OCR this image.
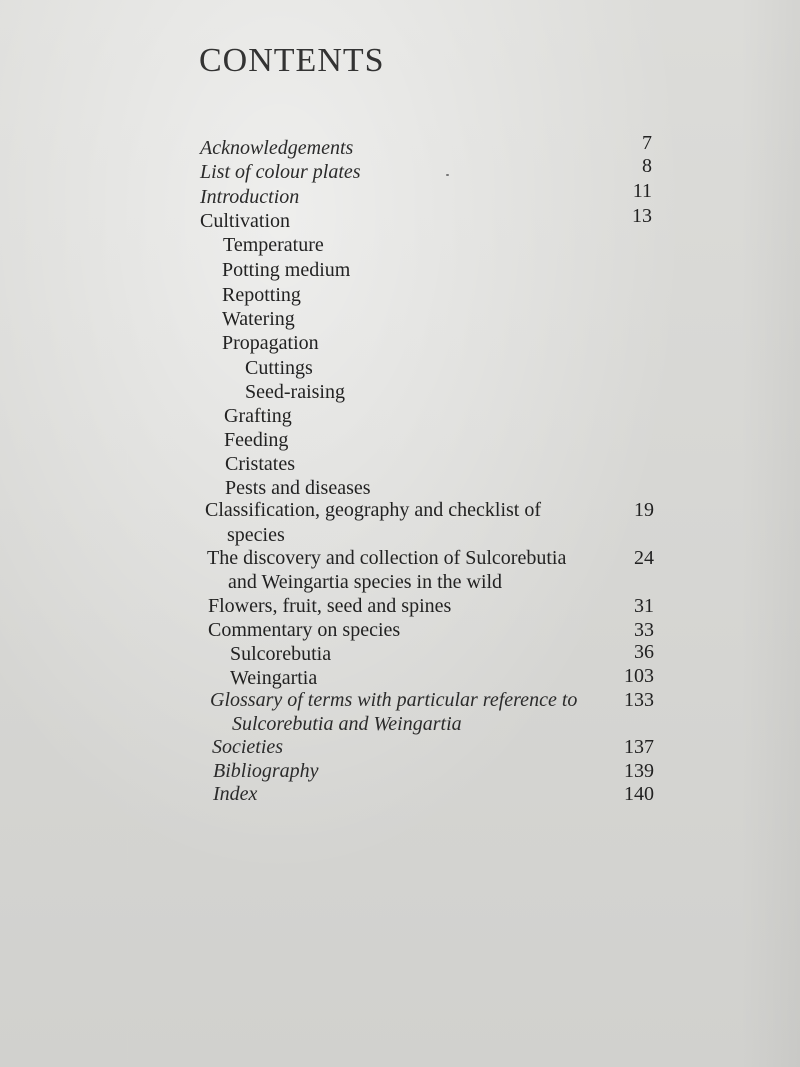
CONTENTS
Acknowledgements	7
List of colour plates	8
Introduction	11
Cultivation	13
Temperature
Potting medium
Repotting
Watering
Propagation
Cuttings
Seed-raising
Grafting
Feeding
Cristates
Pests and diseases
Classification, geography and checklist of	19
species
The discovery and collection of Sulcorebutia	24
and Weingartia species in the wild
Flowers, fruit, seed and spines	31
Commentary on species	33
Sulcorebutia	36
Weingartia	103
Glossary of terms with particular reference to	133
Sulcorebutia and Weingartia
Societies	137
Bibliography	139
Index	140
